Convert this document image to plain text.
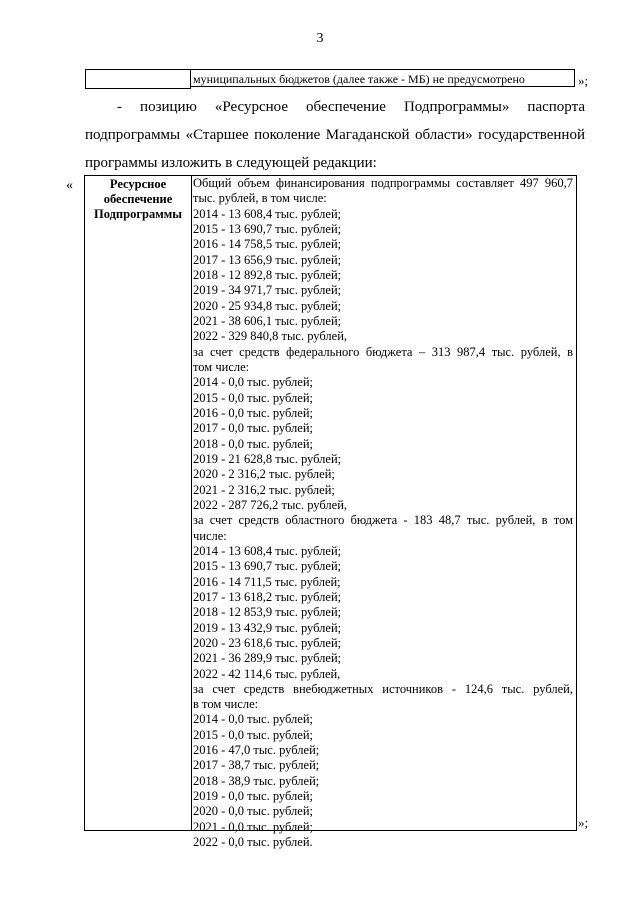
3
муниципальных бюджетов (далее также - МБ) не предусмотрено	»;
- позицию «Ресурсное обеспечение Подпрограммы» паспорта
подпрограммы «Старшее поколение Магаданской области» государственной
программы изложить в следующей редакции:
«	Ресурсное
обеспечение
Подпрограммы
Общий объем финансирования подпрограммы составляет 497 960,7
тыс. рублей, в том числе:
2014 - 13 608,4 тыс. рублей;
2015 - 13 690,7 тыс. рублей;
2016 - 14 758,5 тыс. рублей;
2017 - 13 656,9 тыс. рублей;
2018 - 12 892,8 тыс. рублей;
2019 - 34 971,7 тыс. рублей;
2020 - 25 934,8 тыс. рублей;
2021 - 38 606,1 тыс. рублей;
2022 - 329 840,8 тыс. рублей,
за счет средств федерального бюджета – 313 987,4 тыс. рублей, в
том числе:
2014 - 0,0 тыс. рублей;
2015 - 0,0 тыс. рублей;
2016 - 0,0 тыс. рублей;
2017 - 0,0 тыс. рублей;
2018 - 0,0 тыс. рублей;
2019 - 21 628,8 тыс. рублей;
2020 - 2 316,2 тыс. рублей;
2021 - 2 316,2 тыс. рублей;
2022 - 287 726,2 тыс. рублей,
за счет средств областного бюджета - 183 48,7 тыс. рублей, в том
числе:
2014 - 13 608,4 тыс. рублей;
2015 - 13 690,7 тыс. рублей;
2016 - 14 711,5 тыс. рублей;
2017 - 13 618,2 тыс. рублей;
2018 - 12 853,9 тыс. рублей;
2019 - 13 432,9 тыс. рублей;
2020 - 23 618,6 тыс. рублей;
2021 - 36 289,9 тыс. рублей;
2022 - 42 114,6 тыс. рублей,
за счет средств внебюджетных источников - 124,6 тыс. рублей,
в том числе:
2014 - 0,0 тыс. рублей;
2015 - 0,0 тыс. рублей;
2016 - 47,0 тыс. рублей;
2017 - 38,7 тыс. рублей;
2018 - 38,9 тыс. рублей;
2019 - 0,0 тыс. рублей;
2020 - 0,0 тыс. рублей;
2021 - 0,0 тыс. рублей;
2022 - 0,0 тыс. рублей.
»;
